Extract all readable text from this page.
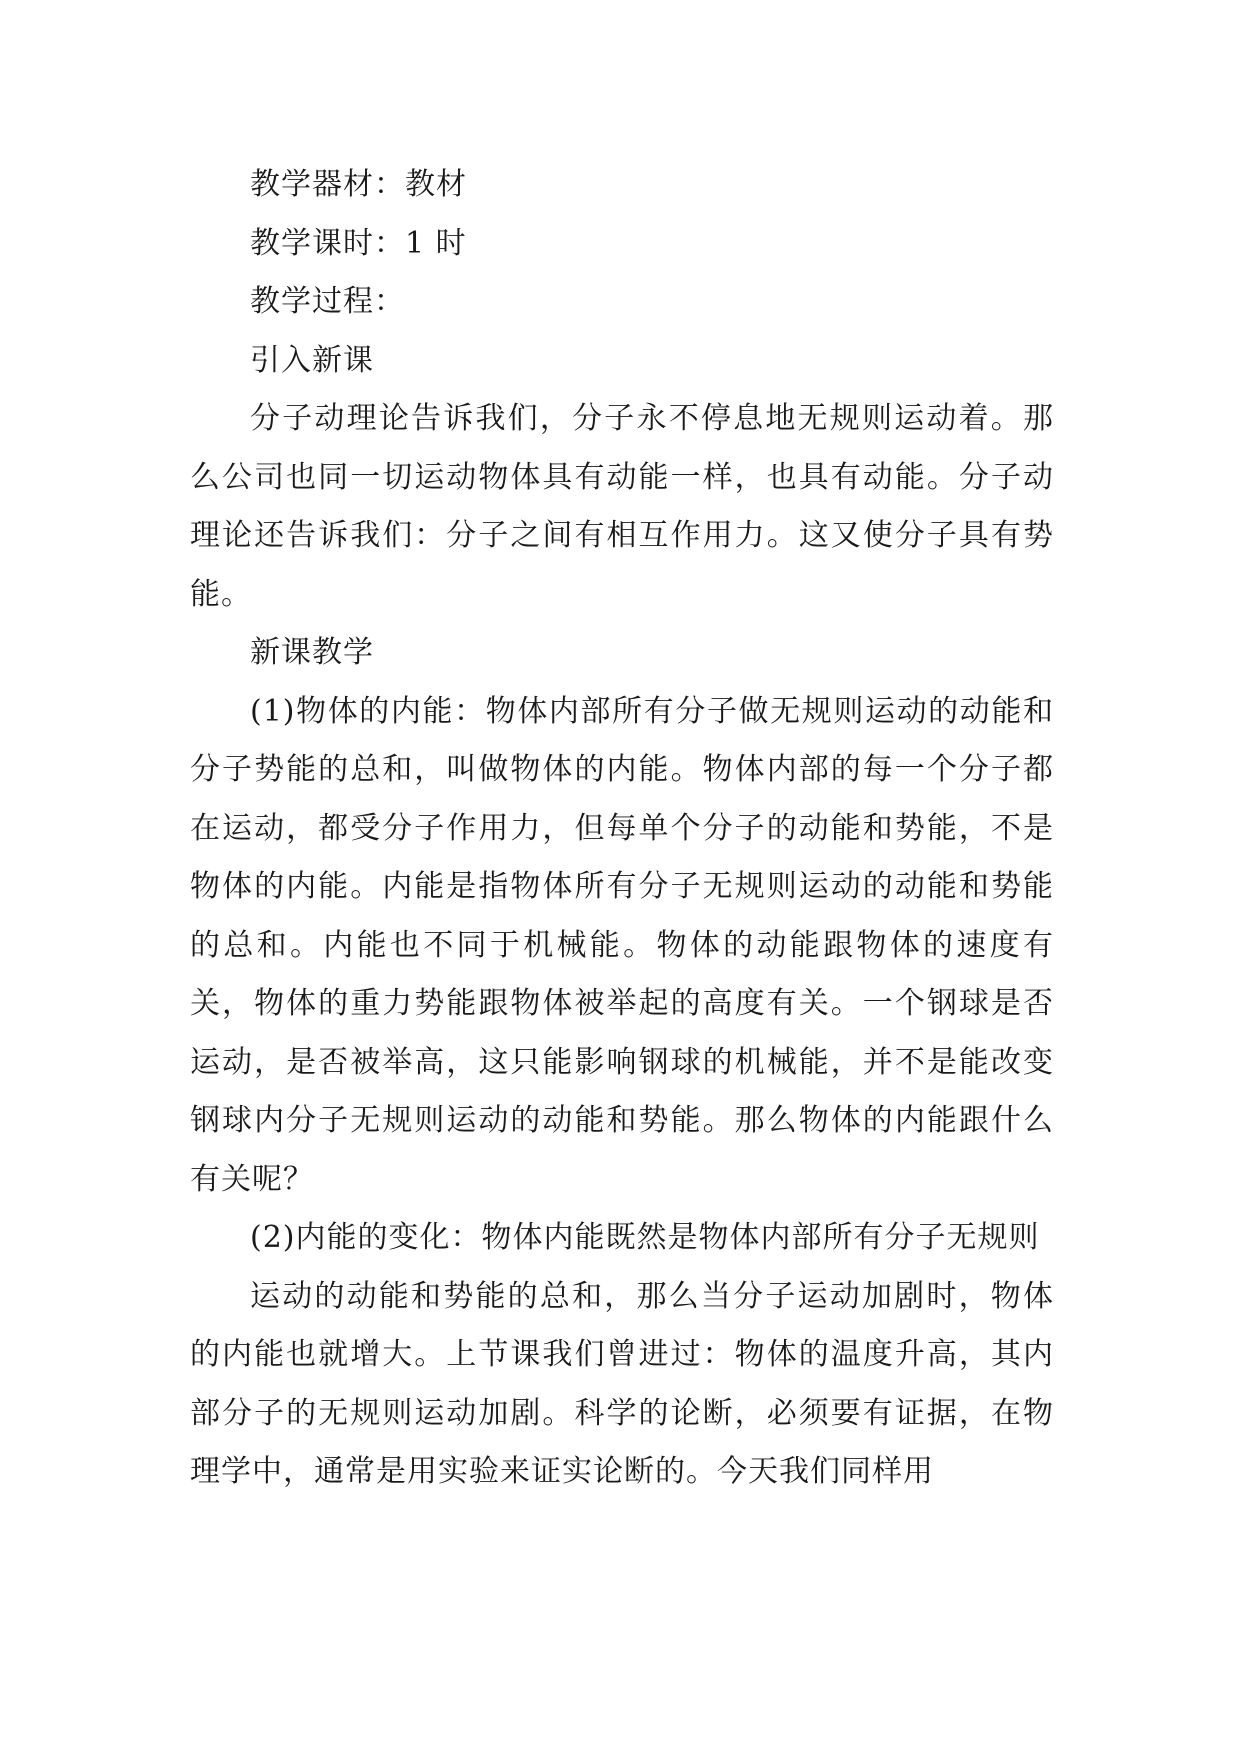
教学器材：教材

教学课时：1 时

教学过程：

引入新课

分子动理论告诉我们，分子永不停息地无规则运动着。那么公司也同一切运动物体具有动能一样，也具有动能。分子动理论还告诉我们：分子之间有相互作用力。这又使分子具有势能。

新课教学

(1)物体的内能：物体内部所有分子做无规则运动的动能和分子势能的总和，叫做物体的内能。物体内部的每一个分子都在运动，都受分子作用力，但每单个分子的动能和势能，不是物体的内能。内能是指物体所有分子无规则运动的动能和势能的总和。内能也不同于机械能。物体的动能跟物体的速度有关，物体的重力势能跟物体被举起的高度有关。一个钢球是否运动，是否被举高，这只能影响钢球的机械能，并不是能改变钢球内分子无规则运动的动能和势能。那么物体的内能跟什么有关呢？

(2)内能的变化：物体内能既然是物体内部所有分子无规则

运动的动能和势能的总和，那么当分子运动加剧时，物体的内能也就增大。上节课我们曾进过：物体的温度升高，其内部分子的无规则运动加剧。科学的论断，必须要有证据，在物理学中，通常是用实验来证实论断的。今天我们同样用
